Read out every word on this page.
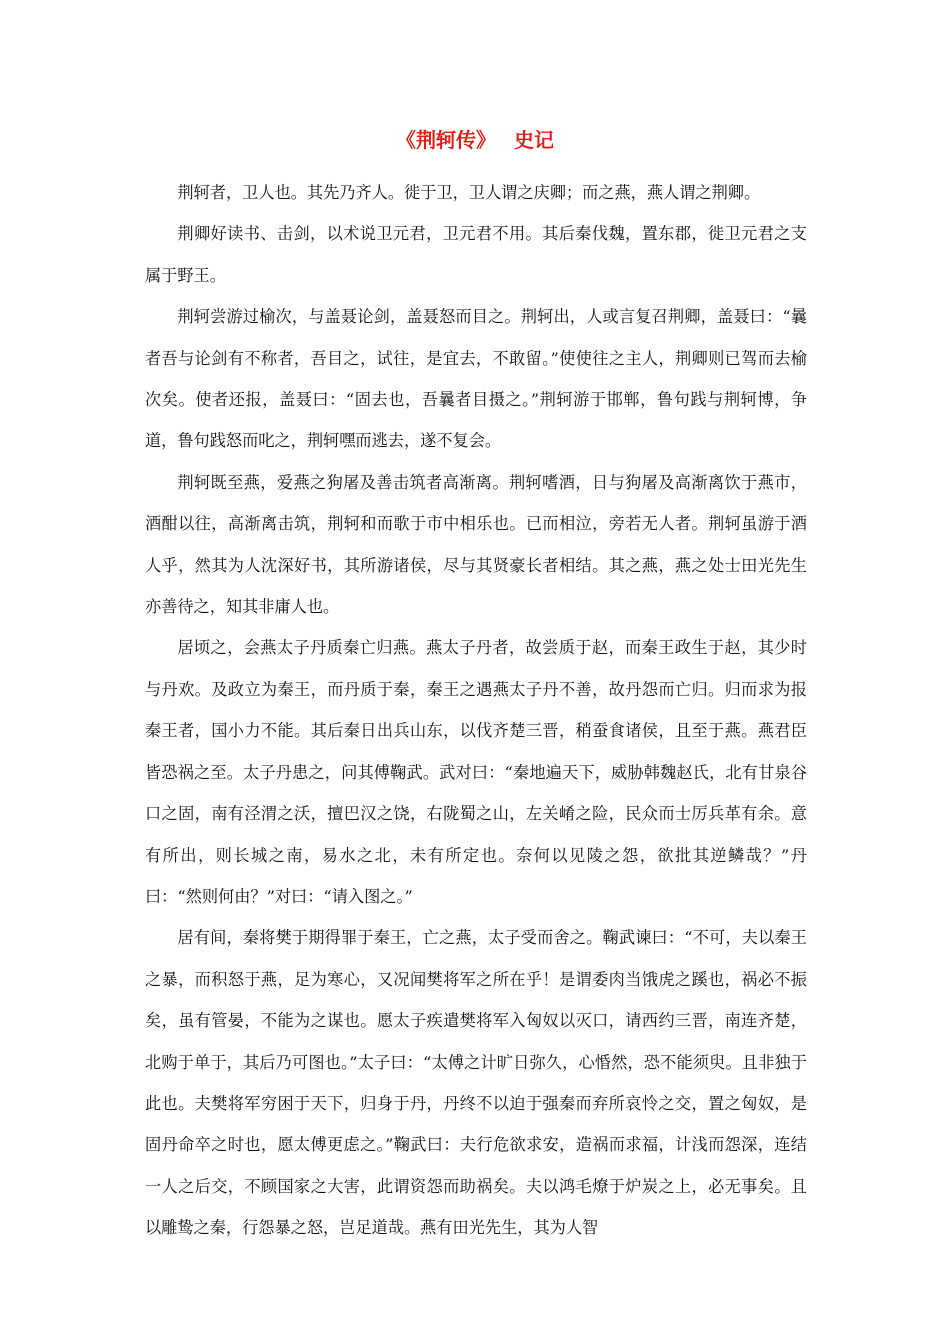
《荆轲传》 史记

荆轲者，卫人也。其先乃齐人。徙于卫，卫人谓之庆卿；而之燕，燕人谓之荆卿。

荆卿好读书、击剑，以术说卫元君，卫元君不用。其后秦伐魏，置东郡，徙卫元君之支属于野王。

荆轲尝游过榆次，与盖聂论剑，盖聂怒而目之。荆轲出，人或言复召荆卿，盖聂曰：“曩者吾与论剑有不称者，吾目之，试往，是宜去，不敢留。”使使往之主人，荆卿则已驾而去榆次矣。使者还报，盖聂曰：“固去也，吾曩者目摄之。”荆轲游于邯郸，鲁句践与荆轲博，争道，鲁句践怒而叱之，荆轲嘿而逃去，遂不复会。

荆轲既至燕，爱燕之狗屠及善击筑者高渐离。荆轲嗜酒，日与狗屠及高渐离饮于燕市，酒酣以往，高渐离击筑，荆轲和而歌于市中相乐也。已而相泣，旁若无人者。荆轲虽游于酒人乎，然其为人沈深好书，其所游诸侯，尽与其贤豪长者相结。其之燕，燕之处士田光先生亦善待之，知其非庸人也。

居顷之，会燕太子丹质秦亡归燕。燕太子丹者，故尝质于赵，而秦王政生于赵，其少时与丹欢。及政立为秦王，而丹质于秦，秦王之遇燕太子丹不善，故丹怨而亡归。归而求为报秦王者，国小力不能。其后秦日出兵山东，以伐齐楚三晋，稍蚕食诸侯，且至于燕。燕君臣皆恐祸之至。太子丹患之，问其傅鞠武。武对曰：“秦地遍天下，威胁韩魏赵氏，北有甘泉谷口之固，南有泾渭之沃，擅巴汉之饶，右陇蜀之山，左关崤之险，民众而士厉兵革有余。意有所出，则长城之南，易水之北，未有所定也。奈何以见陵之怨，欲批其逆鳞哉？”丹曰：“然则何由？”对曰：“请入图之。”

居有间，秦将樊于期得罪于秦王，亡之燕，太子受而舍之。鞠武谏曰：“不可，夫以秦王之暴，而积怒于燕，足为寒心，又况闻樊将军之所在乎！是谓委肉当饿虎之蹊也，祸必不振矣，虽有管晏，不能为之谋也。愿太子疾遣樊将军入匈奴以灭口，请西约三晋，南连齐楚，北购于单于，其后乃可图也。”太子曰：“太傅之计旷日弥久，心惛然，恐不能须臾。且非独于此也。夫樊将军穷困于天下，归身于丹，丹终不以迫于强秦而弃所哀怜之交，置之匈奴，是固丹命卒之时也，愿太傅更虑之。”鞠武曰：夫行危欲求安，造祸而求福，计浅而怨深，连结一人之后交，不顾国家之大害，此谓资怨而助祸矣。夫以鸿毛燎于炉炭之上，必无事矣。且以雕鸷之秦，行怨暴之怒，岂足道哉。燕有田光先生，其为人智
